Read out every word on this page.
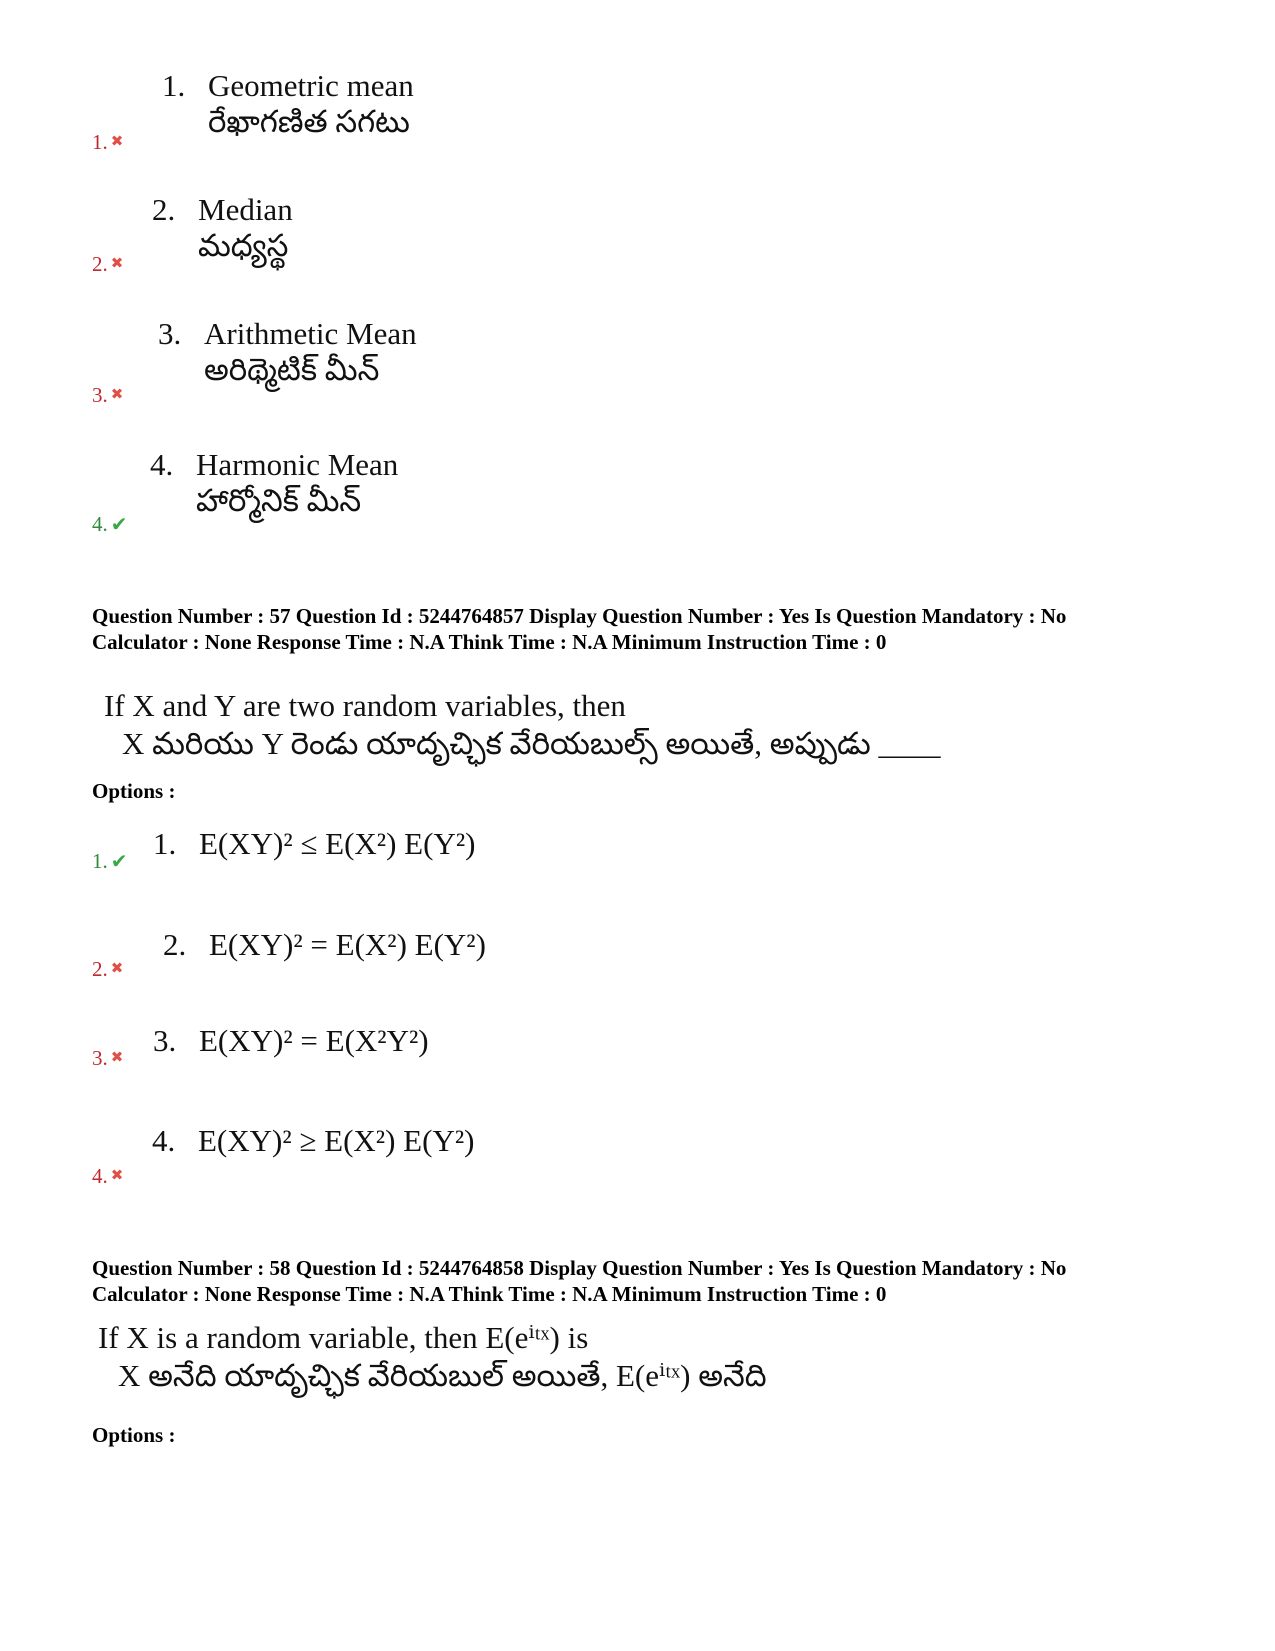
1. Geometric mean
రేఖాగణిత సగటు
1. ✖
2. Median
మధ్యస్థ
2. ✖
3. Arithmetic Mean
అరిథ్మెటిక్ మీన్
3. ✖
4. Harmonic Mean
హార్మోనిక్ మీన్
4. ✔
Question Number : 57 Question Id : 5244764857 Display Question Number : Yes Is Question Mandatory : No
Calculator : None Response Time : N.A Think Time : N.A Minimum Instruction Time : 0
If X and Y are two random variables, then
X మరియు Y రెండు యాదృచ్ఛిక వేరియబుల్స్ అయితే, అప్పుడు ____
Options :
1. E(XY)² ≤ E(X²) E(Y²)
1. ✔
2. E(XY)² = E(X²) E(Y²)
2. ✖
3. E(XY)² = E(X²Y²)
3. ✖
4. E(XY)² ≥ E(X²) E(Y²)
4. ✖
Question Number : 58 Question Id : 5244764858 Display Question Number : Yes Is Question Mandatory : No
Calculator : None Response Time : N.A Think Time : N.A Minimum Instruction Time : 0
If X is a random variable, then E(eⁱᵗˣ) is
X అనేది యాదృచ్ఛిక వేరియబుల్ అయితే, E(eⁱᵗˣ) అనేది
Options :
